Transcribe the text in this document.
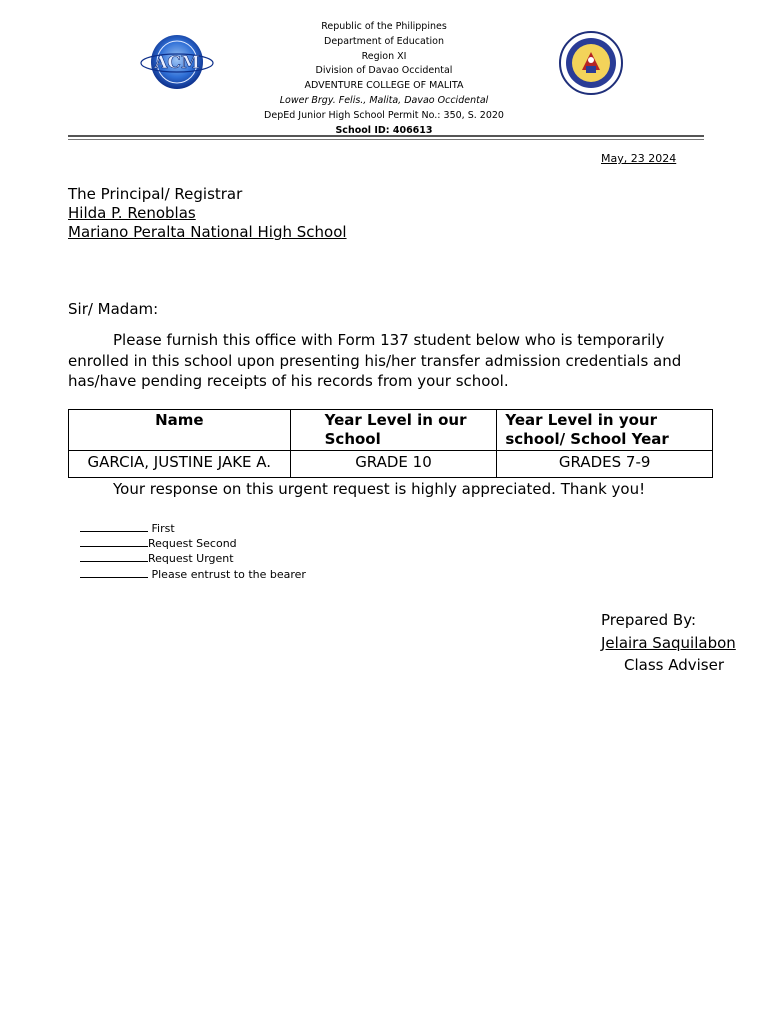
ACM
Republic of the Philippines
Department of Education
Region XI
Division of Davao Occidental
ADVENTURE COLLEGE OF MALITA
Lower Brgy. Felis., Malita, Davao Occidental
DepEd Junior High School Permit No.: 350, S. 2020
School ID: 406613
May, 23 2024
The Principal/ Registrar
Hilda P. Renoblas
Mariano Peralta National High School
Sir/ Madam:
Please furnish this office with Form 137 student below who is temporarily enrolled in this school upon presenting his/her transfer admission credentials and has/have pending receipts of his records from your school.
Name	Year Level in our School	Year Level in your school/ School Year
GARCIA, JUSTINE JAKE A.	GRADE 10	GRADES 7-9
Your response on this urgent request is highly appreciated. Thank you!
First
Request Second
Request Urgent
Please entrust to the bearer
Prepared By:
Jelaira Saquilabon
Class Adviser
